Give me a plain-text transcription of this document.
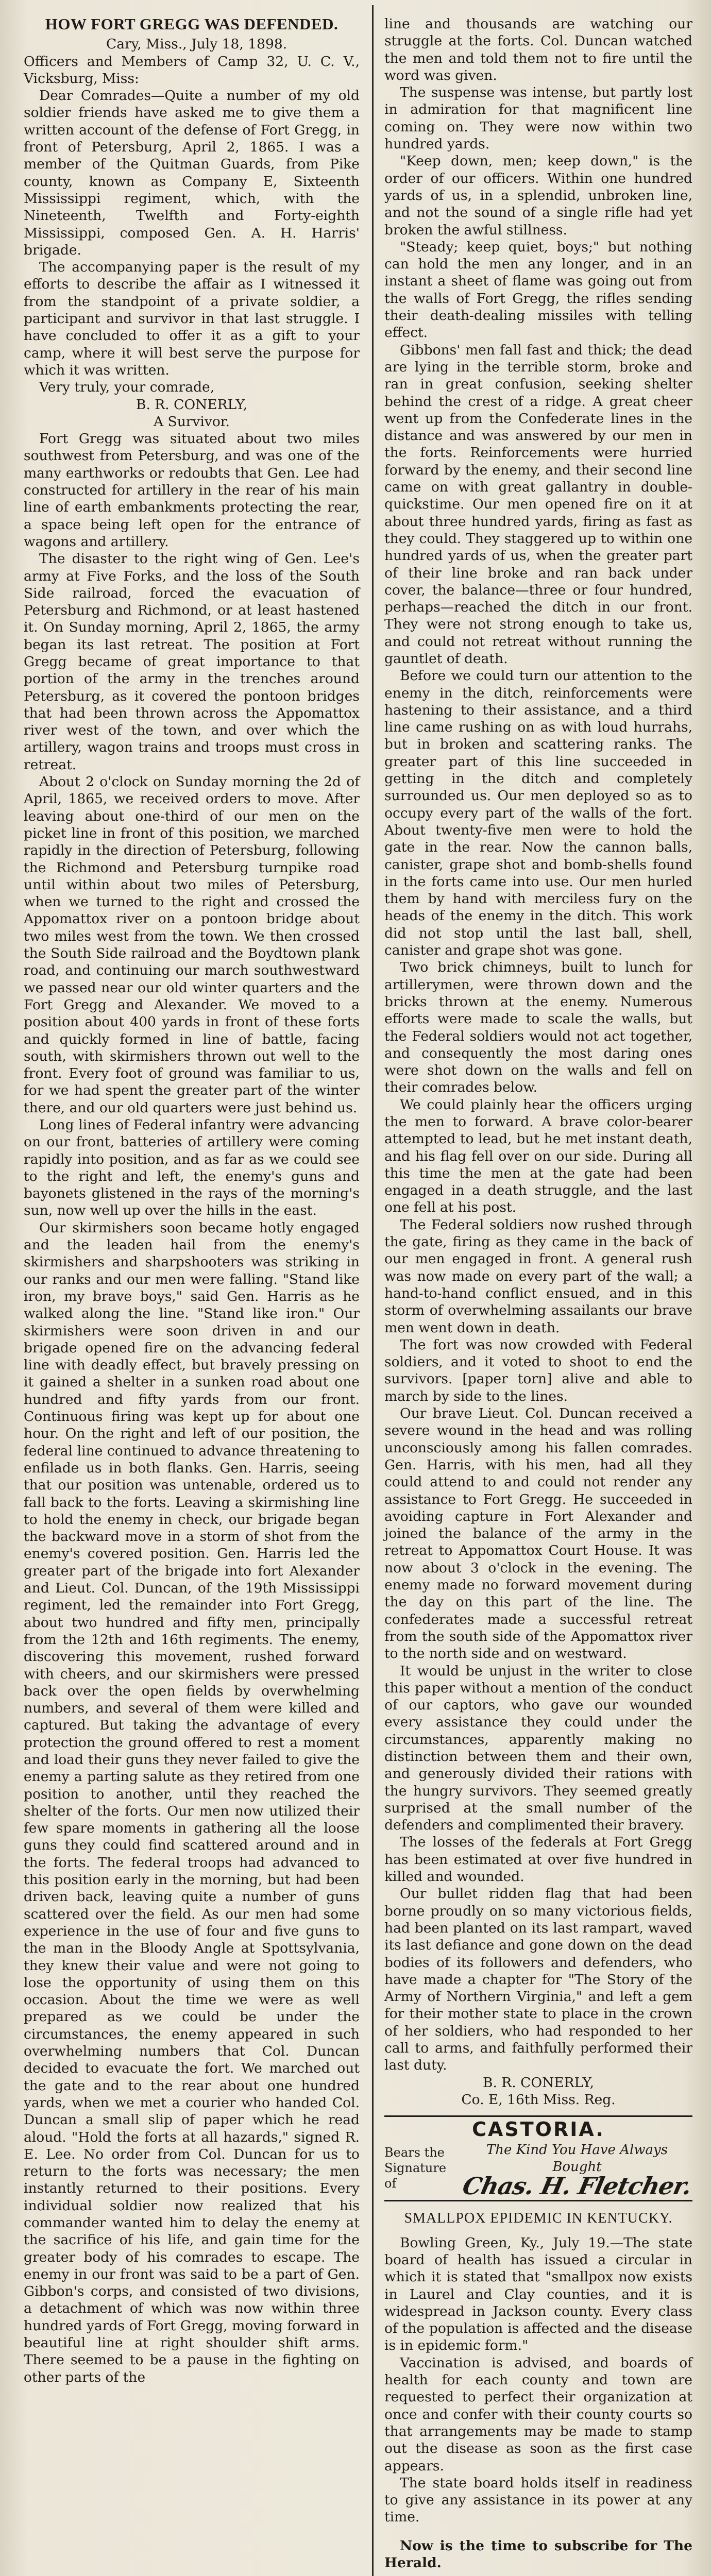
HOW FORT GREGG WAS DEFENDED.

Cary, Miss., July 18, 1898.

Officers and Members of Camp 32, U. C. V., Vicksburg, Miss:

Dear Comrades—Quite a number of my old soldier friends have asked me to give them a written account of the defense of Fort Gregg, in front of Petersburg, April 2, 1865. I was a member of the Quitman Guards, from Pike county, known as Company E, Sixteenth Mississippi regiment, which, with the Nineteenth, Twelfth and Forty-eighth Mississippi, composed Gen. A. H. Harris' brigade.

The accompanying paper is the result of my efforts to describe the affair as I witnessed it from the standpoint of a private soldier, a participant and survivor in that last struggle. I have concluded to offer it as a gift to your camp, where it will best serve the purpose for which it was written.

Very truly, your comrade,

B. R. CONERLY,

A Survivor.

Fort Gregg was situated about two miles southwest from Petersburg, and was one of the many earthworks or redoubts that Gen. Lee had constructed for artillery in the rear of his main line of earth embankments protecting the rear, a space being left open for the entrance of wagons and artillery.

The disaster to the right wing of Gen. Lee's army at Five Forks, and the loss of the South Side railroad, forced the evacuation of Petersburg and Richmond, or at least hastened it. On Sunday morning, April 2, 1865, the army began its last retreat. The position at Fort Gregg became of great importance to that portion of the army in the trenches around Petersburg, as it covered the pontoon bridges that had been thrown across the Appomattox river west of the town, and over which the artillery, wagon trains and troops must cross in retreat.

About 2 o'clock on Sunday morning the 2d of April, 1865, we received orders to move. After leaving about one-third of our men on the picket line in front of this position, we marched rapidly in the direction of Petersburg, following the Richmond and Petersburg turnpike road until within about two miles of Petersburg, when we turned to the right and crossed the Appomattox river on a pontoon bridge about two miles west from the town. We then crossed the South Side railroad and the Boydtown plank road, and continuing our march southwestward we passed near our old winter quarters and the Fort Gregg and Alexander. We moved to a position about 400 yards in front of these forts and quickly formed in line of battle, facing south, with skirmishers thrown out well to the front. Every foot of ground was familiar to us, for we had spent the greater part of the winter there, and our old quarters were just behind us.

Long lines of Federal infantry were advancing on our front, batteries of artillery were coming rapidly into position, and as far as we could see to the right and left, the enemy's guns and bayonets glistened in the rays of the morning's sun, now well up over the hills in the east.

Our skirmishers soon became hotly engaged and the leaden hail from the enemy's skirmishers and sharpshooters was striking in our ranks and our men were falling. "Stand like iron, my brave boys," said Gen. Harris as he walked along the line. "Stand like iron." Our skirmishers were soon driven in and our brigade opened fire on the advancing federal line with deadly effect, but bravely pressing on it gained a shelter in a sunken road about one hundred and fifty yards from our front. Continuous firing was kept up for about one hour. On the right and left of our position, the federal line continued to advance threatening to enfilade us in both flanks. Gen. Harris, seeing that our position was untenable, ordered us to fall back to the forts. Leaving a skirmishing line to hold the enemy in check, our brigade began the backward move in a storm of shot from the enemy's covered position. Gen. Harris led the greater part of the brigade into fort Alexander and Lieut. Col. Duncan, of the 19th Mississippi regiment, led the remainder into Fort Gregg, about two hundred and fifty men, principally from the 12th and 16th regiments. The enemy, discovering this movement, rushed forward with cheers, and our skirmishers were pressed back over the open fields by overwhelming numbers, and several of them were killed and captured. But taking the advantage of every protection the ground offered to rest a moment and load their guns they never failed to give the enemy a parting salute as they retired from one position to another, until they reached the shelter of the forts. Our men now utilized their few spare moments in gathering all the loose guns they could find scattered around and in the forts. The federal troops had advanced to this position early in the morning, but had been driven back, leaving quite a number of guns scattered over the field. As our men had some experience in the use of four and five guns to the man in the Bloody Angle at Spottsylvania, they knew their value and were not going to lose the opportunity of using them on this occasion. About the time we were as well prepared as we could be under the circumstances, the enemy appeared in such overwhelming numbers that Col. Duncan decided to evacuate the fort. We marched out the gate and to the rear about one hundred yards, when we met a courier who handed Col. Duncan a small slip of paper which he read aloud. "Hold the forts at all hazards," signed R. E. Lee. No order from Col. Duncan for us to return to the forts was necessary; the men instantly returned to their positions. Every individual soldier now realized that his commander wanted him to delay the enemy at the sacrifice of his life, and gain time for the greater body of his comrades to escape. The enemy in our front was said to be a part of Gen. Gibbon's corps, and consisted of two divisions, a detachment of which was now within three hundred yards of Fort Gregg, moving forward in beautiful line at right shoulder shift arms. There seemed to be a pause in the fighting on other parts of the

line and thousands are watching our struggle at the forts. Col. Duncan watched the men and told them not to fire until the word was given.

The suspense was intense, but partly lost in admiration for that magnificent line coming on. They were now within two hundred yards.

"Keep down, men; keep down," is the order of our officers. Within one hundred yards of us, in a splendid, unbroken line, and not the sound of a single rifle had yet broken the awful stillness.

"Steady; keep quiet, boys;" but nothing can hold the men any longer, and in an instant a sheet of flame was going out from the walls of Fort Gregg, the rifles sending their death-dealing missiles with telling effect.

Gibbons' men fall fast and thick; the dead are lying in the terrible storm, broke and ran in great confusion, seeking shelter behind the crest of a ridge. A great cheer went up from the Confederate lines in the distance and was answered by our men in the forts. Reinforcements were hurried forward by the enemy, and their second line came on with great gallantry in double-quickstime. Our men opened fire on it at about three hundred yards, firing as fast as they could. They staggered up to within one hundred yards of us, when the greater part of their line broke and ran back under cover, the balance—three or four hundred, perhaps—reached the ditch in our front. They were not strong enough to take us, and could not retreat without running the gauntlet of death.

Before we could turn our attention to the enemy in the ditch, reinforcements were hastening to their assistance, and a third line came rushing on as with loud hurrahs, but in broken and scattering ranks. The greater part of this line succeeded in getting in the ditch and completely surrounded us. Our men deployed so as to occupy every part of the walls of the fort. About twenty-five men were to hold the gate in the rear. Now the cannon balls, canister, grape shot and bomb-shells found in the forts came into use. Our men hurled them by hand with merciless fury on the heads of the enemy in the ditch. This work did not stop until the last ball, shell, canister and grape shot was gone.

Two brick chimneys, built to lunch for artillerymen, were thrown down and the bricks thrown at the enemy. Numerous efforts were made to scale the walls, but the Federal soldiers would not act together, and consequently the most daring ones were shot down on the walls and fell on their comrades below.

We could plainly hear the officers urging the men to forward. A brave color-bearer attempted to lead, but he met instant death, and his flag fell over on our side. During all this time the men at the gate had been engaged in a death struggle, and the last one fell at his post.

The Federal soldiers now rushed through the gate, firing as they came in the back of our men engaged in front. A general rush was now made on every part of the wall; a hand-to-hand conflict ensued, and in this storm of overwhelming assailants our brave men went down in death.

The fort was now crowded with Federal soldiers, and it voted to shoot to end the survivors. [paper torn] alive and able to march by side to the lines.

Our brave Lieut. Col. Duncan received a severe wound in the head and was rolling unconsciously among his fallen comrades. Gen. Harris, with his men, had all they could attend to and could not render any assistance to Fort Gregg. He succeeded in avoiding capture in Fort Alexander and joined the balance of the army in the retreat to Appomattox Court House. It was now about 3 o'clock in the evening. The enemy made no forward movement during the day on this part of the line. The confederates made a successful retreat from the south side of the Appomattox river to the north side and on westward.

It would be unjust in the writer to close this paper without a mention of the conduct of our captors, who gave our wounded every assistance they could under the circumstances, apparently making no distinction between them and their own, and generously divided their rations with the hungry survivors. They seemed greatly surprised at the small number of the defenders and complimented their bravery.

The losses of the federals at Fort Gregg has been estimated at over five hundred in killed and wounded.

Our bullet ridden flag that had been borne proudly on so many victorious fields, had been planted on its last rampart, waved its last defiance and gone down on the dead bodies of its followers and defenders, who have made a chapter for "The Story of the Army of Northern Virginia," and left a gem for their mother state to place in the crown of her soldiers, who had responded to her call to arms, and faithfully performed their last duty.

B. R. CONERLY,

Co. E, 16th Miss. Reg.

CASTORIA.
Bears the
Signature
of
The Kind You Have Always Bought
Chas. H. Fletcher.
SMALLPOX EPIDEMIC IN KENTUCKY.

Bowling Green, Ky., July 19.—The state board of health has issued a circular in which it is stated that "smallpox now exists in Laurel and Clay counties, and it is widespread in Jackson county. Every class of the population is affected and the disease is in epidemic form."

Vaccination is advised, and boards of health for each county and town are requested to perfect their organization at once and confer with their county courts so that arrangements may be made to stamp out the disease as soon as the first case appears.

The state board holds itself in readiness to give any assistance in its power at any time.

Now is the time to subscribe for The Herald.
